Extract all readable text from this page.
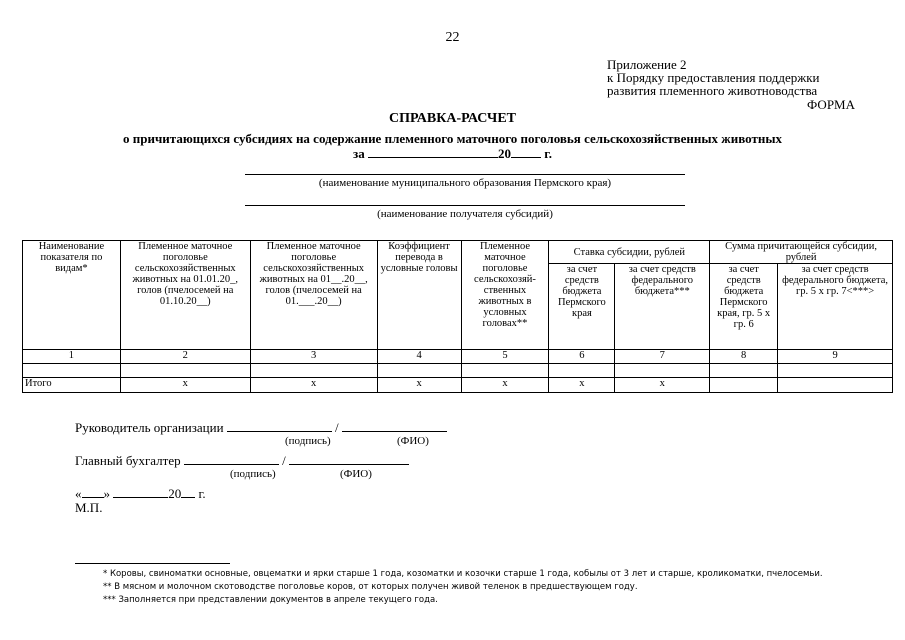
22
Приложение 2
к Порядку предоставления поддержки
развития племенного животноводства
ФОРМА
СПРАВКА-РАСЧЕТ
о причитающихся субсидиях на содержание племенного маточного поголовья сельскохозяйственных животных
за	20	г.
(наименование муниципального образования Пермского края)
(наименование получателя субсидий)
Наименование показателя по видам*	Племенное маточное поголовье сельскохозяйственных животных на 01.01.20_, голов (пчелосемей на 01.10.20__)	Племенное маточное поголовье сельскохозяйственных животных на 01__.20__, голов (пчелосемей на 01.___.20__)	Коэффициент перевода в условные головы	Племенное маточное поголовье сельскохозяй-ственных животных в условных головах**	Ставка субсидии, рублей		Сумма причитающейся субсидии, рублей	
					за счет средств бюджета Пермского края	за счет средств федерального бюджета***	за счет средств бюджета Пермского края, гр. 5 х гр. 6	за счет средств федерального бюджета, гр. 5 х гр. 7<***>
1	2	3	4	5	6	7	8	9

Итого	x	x	x	x	x	x		
Руководитель организации	/
(подпись)	(ФИО)
Главный бухгалтер	/
(подпись)	(ФИО)
« »	20 г.
М.П.
* Коровы, свиноматки основные, овцематки и ярки старше 1 года, козоматки и козочки старше 1 года, кобылы от 3 лет и старше, кроликоматки, пчелосемьи.
** В мясном и молочном скотоводстве поголовье коров, от которых получен живой теленок в предшествующем году.
*** Заполняется при представлении документов в апреле текущего года.
